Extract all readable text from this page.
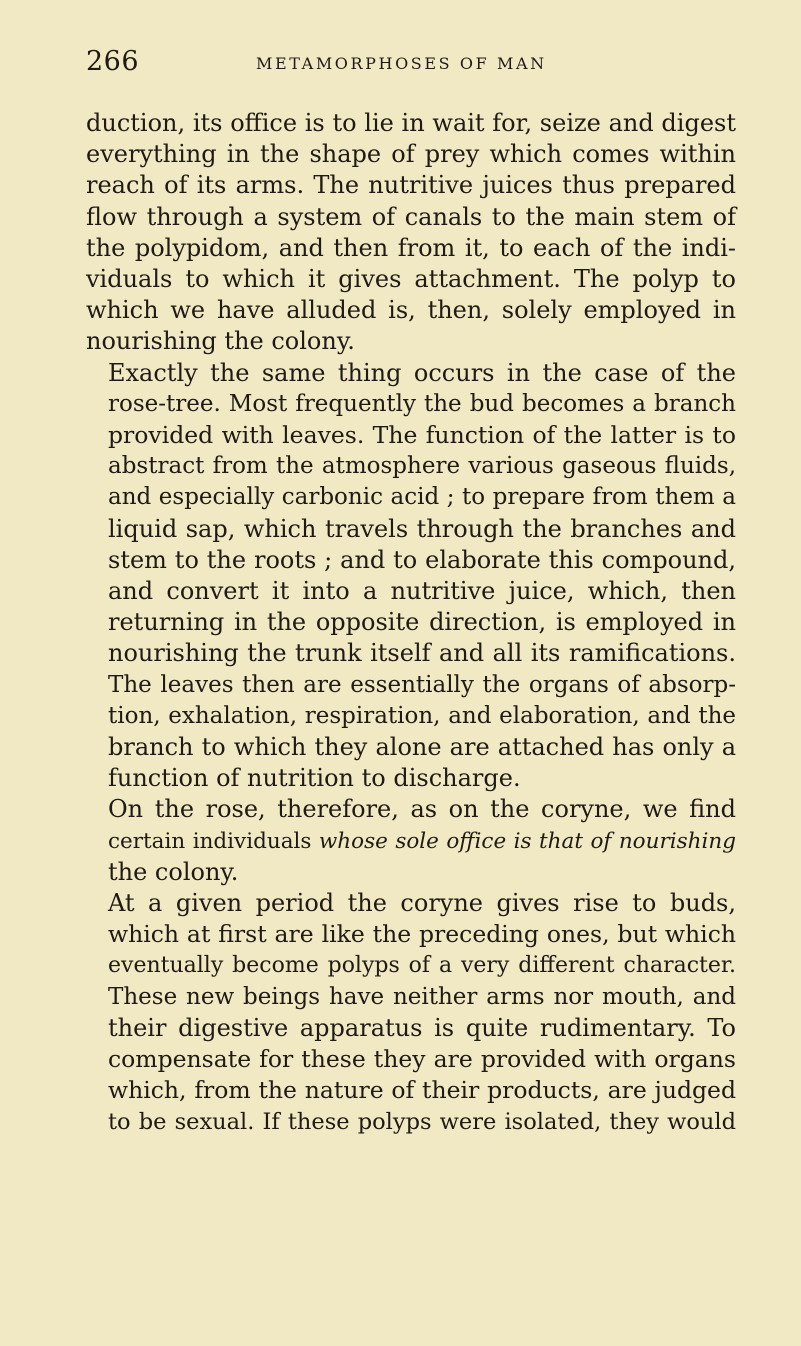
266	METAMORPHOSES OF MAN

duction, its office is to lie in wait for, seize and digest
everything in the shape of prey which comes within
reach of its arms. The nutritive juices thus prepared
flow through a system of canals to the main stem of
the polypidom, and then from it, to each of the indi-
viduals to which it gives attachment. The polyp to
which we have alluded is, then, solely employed in
nourishing the colony.

Exactly the same thing occurs in the case of the
rose-tree. Most frequently the bud becomes a branch
provided with leaves. The function of the latter is to
abstract from the atmosphere various gaseous fluids,
and especially carbonic acid ; to prepare from them a
liquid sap, which travels through the branches and
stem to the roots ; and to elaborate this compound,
and convert it into a nutritive juice, which, then
returning in the opposite direction, is employed in
nourishing the trunk itself and all its ramifications.
The leaves then are essentially the organs of absorp-
tion, exhalation, respiration, and elaboration, and the
branch to which they alone are attached has only a
function of nutrition to discharge.

On the rose, therefore, as on the coryne, we find
certain individuals whose sole office is that of nourishing
the colony.

At a given period the coryne gives rise to buds,
which at first are like the preceding ones, but which
eventually become polyps of a very different character.
These new beings have neither arms nor mouth, and
their digestive apparatus is quite rudimentary. To
compensate for these they are provided with organs
which, from the nature of their products, are judged
to be sexual. If these polyps were isolated, they would
